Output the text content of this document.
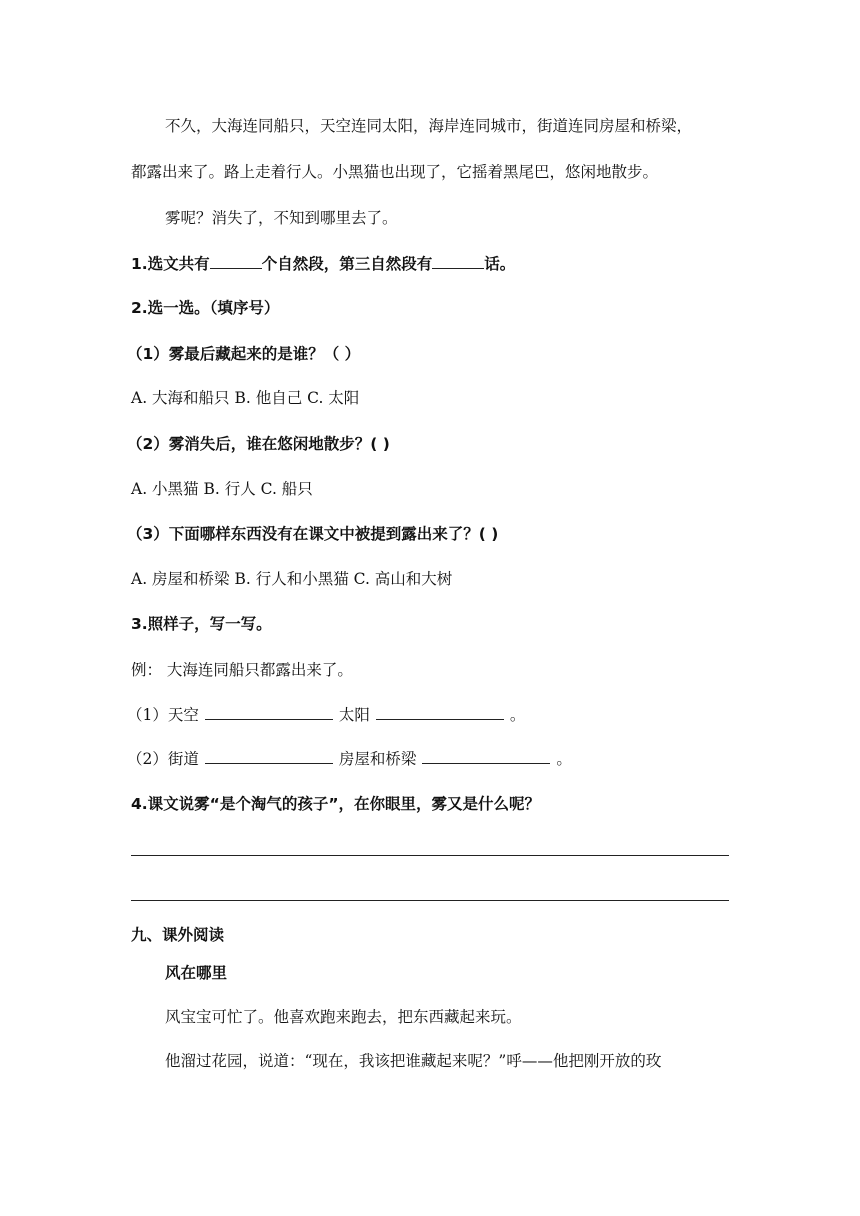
不久，大海连同船只，天空连同太阳，海岸连同城市，街道连同房屋和桥梁，
都露出来了。路上走着行人。小黑猫也出现了，它摇着黑尾巴，悠闲地散步。
雾呢？消失了，不知到哪里去了。
1.选文共有	个自然段，第三自然段有	话。
2.选一选。（填序号）
（1）雾最后藏起来的是谁？（ ）
A. 大海和船只 B. 他自己 C. 太阳
（2）雾消失后，谁在悠闲地散步？( )
A. 小黑猫 B. 行人 C. 船只
（3）下面哪样东西没有在课文中被提到露出来了？( )
A. 房屋和桥梁 B. 行人和小黑猫 C. 高山和大树
3.照样子，写一写。
例： 大海连同船只都露出来了。
（1）天空	太阳	。
（2）街道	房屋和桥梁	。
4.课文说雾“是个淘气的孩子”，在你眼里，雾又是什么呢？
九、课外阅读
风在哪里
风宝宝可忙了。他喜欢跑来跑去，把东西藏起来玩。
他溜过花园，说道：“现在，我该把谁藏起来呢？”呼——他把刚开放的玫
